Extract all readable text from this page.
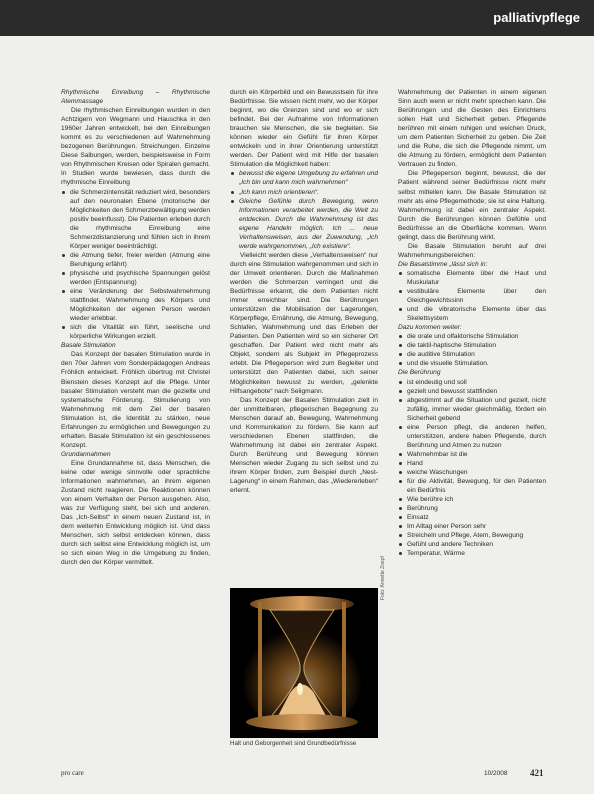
palliativpflege

Rhythmische Einreibung – Rhythmische Atemmassage

Die rhythmischen Einreibungen wurden in den Achtzigern von Wegmann und Hauschka in den 1960er Jahren entwickelt, bei den Einreibungen kommt es zu verschiedenen auf Wahrnehmung bezogenen Berührungen. Streichungen. Einzelne Diese Salbungen, werden, beispielsweise in Form von Rhythmischen Kreisen oder Spiralen gemacht. In Studien wurde bewiesen, dass durch die rhythmische Einreibung

die Schmerzintensität reduziert wird, besonders auf den neuronalen Ebene (motorische der Möglichkeiten den Schmerzbewältigung werden positiv beeinflusst). Die Patienten erleben durch die rhythmische Einreibung eine Schmerzdistanzierung und fühlen sich in ihrem Körper weniger beeinträchtigt.
die Atmung tiefer, freier werden (Atmung eine Beruhigung erfährt)
physische und psychische Spannungen gelöst werden (Entspannung)
eine Veränderung der Selbstwahrnehmung stattfindet. Wahrnehmung des Körpers und Möglichkeiten der eigenen Person werden wieder erlebbar.
sich die Vitalität ein führt, seelische und körperliche Wirkungen erzielt.

Basale Stimulation

Das Konzept der basalen Stimulation wurde in den 70er Jahren vom Sonderpädagogen Andreas Fröhlich entwickelt. Fröhlich übertrug mit Christel Bienstein dieses Konzept auf die Pflege. Unter basaler Stimulation versteht man die gezielte und systematische Förderung. Stimulierung von Wahrnehmung mit dem Ziel der basalen Stimulation ist, die Identität zu stärken, neue Erfahrungen zu ermöglichen und Bewegungen zu erhalten. Basale Stimulation ist ein geschlossenes Konzept.

Grundannahmen

Eine Grundannahme ist, dass Menschen, die keine oder wenige sinnvolle oder sprachliche Informationen wahrnehmen, an ihrem eigenen Zustand nicht reagieren. Die Reaktionen können von einem Verhalten der Person ausgehen. Also, was zur Verfügung steht, bei sich und anderen. Das „Ich-Selbst“ in einem neuen Zustand ist, in dem weiterhin Entwicklung möglich ist. Und dass Menschen, sich selbst entdecken können, dass durch sich selbst eine Entwicklung möglich ist, um so sich einen Weg in die Umgebung zu finden, durch den der Körper vermittelt.

durch ein Körperbild und ein Bewusstsein für ihre Bedürfnisse. Sie wissen nicht mehr, wo der Körper beginnt, wo die Grenzen sind und wo er sich befindet. Bei der Aufnahme von Informationen brauchen sie Menschen, die sie begleiten. Sie können wieder ein Gefühl für ihren Körper entwickeln und in ihrer Orientierung unterstützt werden. Der Patient wird mit Hilfe der basalen Stimulation die Möglichkeit haben:

bewusst die eigene Umgebung zu erfahren und „Ich bin und kann mich wahrnehmen“
„Ich kann mich orientieren“.
Gleiche Gefühle durch Bewegung, wenn Informationen verarbeitet werden, die Welt zu entdecken. Durch die Wahrnehmung ist das eigene Handeln möglich. Ich ... neue Verhaltensweisen, aus der Zuwendung, „Ich werde wahrgenommen, „Ich existiere“.

Vielleicht werden diese „Verhaltensweisen“ nur durch eine Stimulation wahrgenommen und sich in der Umwelt orientieren. Durch die Maßnahmen werden die Schmerzen verringert und die Bedürfnisse erkannt, die dem Patienten nicht immer erreichbar sind. Die Berührungen unterstützen die Mobilisation der Lagerungen, Körperpflege, Ernährung, die Atmung, Bewegung, Schlafen, Wahrnehmung und das Erleben der Patienten. Den Patienten wird so ein sicherer Ort geschaffen. Der Patient wird nicht mehr als Objekt, sondern als Subjekt im Pflegeprozess erlebt. Die Pflegeperson wird zum Begleiter und unterstützt den Patienten dabei, sich seiner Möglichkeiten bewusst zu werden, „gelenkte Hilfsangebote“ nach Seligmann.

Das Konzept der Basalen Stimulation zielt in der unmittelbaren, pflegerischen Begegnung zu Menschen darauf ab, Bewegung, Wahrnehmung und Kommunikation zu fördern. Sie kann auf verschiedenen Ebenen stattfinden, die Wahrnehmung ist dabei ein zentraler Aspekt. Durch Berührung und Bewegung können Menschen wieder Zugang zu sich selbst und zu ihrem Körper finden, zum Beispiel durch „Nest-Lagerung“ in einem Rahmen, das „Wiedererleben“ erlernt.

Foto: Annette Zoepf
Halt und Geborgenheit sind Grundbedürfnisse

Wahrnehmung der Patienten in einem eigenen Sinn auch wenn er nicht mehr sprechen kann. Die Berührungen und die Gesten des Einrichtens sollen Halt und Sicherheit geben. Pflegende berühren mit einem ruhigen und weichen Druck, um dem Patienten Sicherheit zu geben. Die Zeit und die Ruhe, die sich die Pflegende nimmt, um die Atmung zu fördern, ermöglicht dem Patienten Vertrauen zu finden.

Die Pflegeperson beginnt, bewusst, die der Patient während seiner Bedürfnisse nicht mehr selbst mitteilen kann. Die Basale Stimulation ist mehr als eine Pflegemethode; sie ist eine Haltung. Wahrnehmung ist dabei ein zentraler Aspekt. Durch die Berührungen können Gefühle und Bedürfnisse an die Oberfläche kommen. Wenn gelingt, dass die Berührung wirkt.

Die Basale Stimulation beruht auf drei Wahrnehmungsbereichen:

Die Basalstimme „lässt sich in:

somatische Elemente über die Haut und Muskulatur
vestibuläre Elemente über den Gleichgewichtssinn
und die vibratorische Elemente über das Skelettsystem

Dazu kommen weiter:

die orale und olfaktorische Stimulation
die taktil-haptische Stimulation
die auditive Stimulation
und die visuelle Stimulation.

Die Berührung

ist eindeutig und soll
gezielt und bewusst stattfinden
abgestimmt auf die Situation und gezielt, nicht zufällig, immer wieder gleichmäßig, fördert ein Sicherheit gebend
eine Person pflegt, die anderen helfen, unterstützen, andere haben Pflegende, durch Berührung und Atmen zu nutzen
Wahrnehmbar ist die
Hand
weiche Waschungen
für die Aktivität, Bewegung, für den Patienten ein Bedürfnis
Wie berühre ich
Berührung
Einsatz
Im Alltag einer Person sehr
Streicheln und Pflege, Atem, Bewegung
Gefühl und andere Techniken
Temperatur, Wärme
pro care	10/2008	421
